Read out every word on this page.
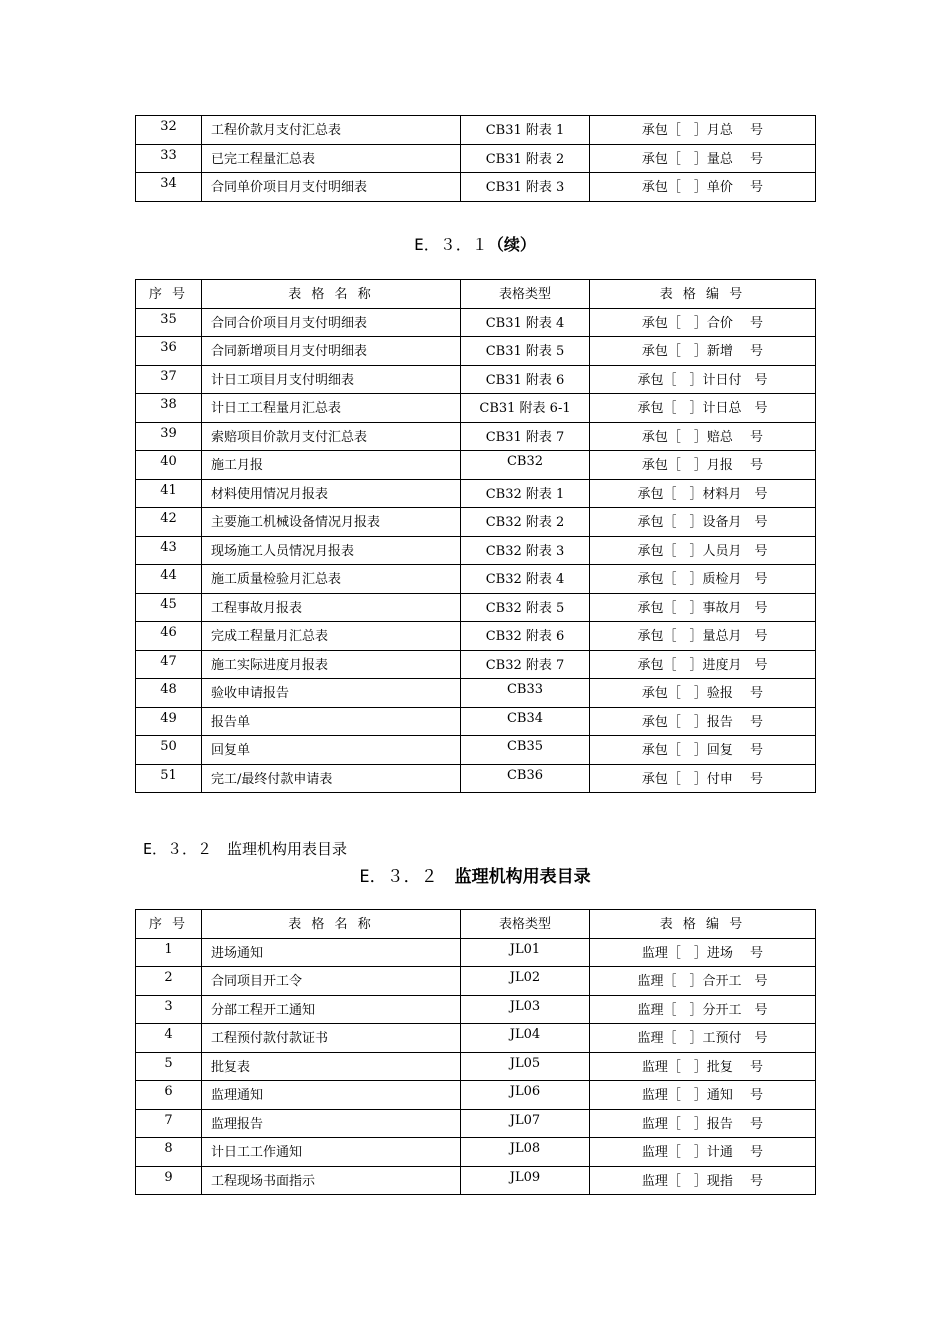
32	工程价款月支付汇总表	CB31 附表 1	承包［　］月总　 号
33	已完工程量汇总表	CB31 附表 2	承包［　］量总　 号
34	合同单价项目月支付明细表	CB31 附表 3	承包［　］单价　 号
E．３．１（续）
序 号	表 格 名 称	表格类型	表 格 编 号
35	合同合价项目月支付明细表	CB31 附表 4	承包［　］合价　 号
36	合同新增项目月支付明细表	CB31 附表 5	承包［　］新增　 号
37	计日工项目月支付明细表	CB31 附表 6	承包［　］计日付　号
38	计日工工程量月汇总表	CB31 附表 6-1	承包［　］计日总　号
39	索赔项目价款月支付汇总表	CB31 附表 7	承包［　］赔总　 号
40	施工月报	CB32	承包［　］月报　 号
41	材料使用情况月报表	CB32 附表 1	承包［　］材料月　号
42	主要施工机械设备情况月报表	CB32 附表 2	承包［　］设备月　号
43	现场施工人员情况月报表	CB32 附表 3	承包［　］人员月　号
44	施工质量检验月汇总表	CB32 附表 4	承包［　］质检月　号
45	工程事故月报表	CB32 附表 5	承包［　］事故月　号
46	完成工程量月汇总表	CB32 附表 6	承包［　］量总月　号
47	施工实际进度月报表	CB32 附表 7	承包［　］进度月　号
48	验收申请报告	CB33	承包［　］验报　 号
49	报告单	CB34	承包［　］报告　 号
50	回复单	CB35	承包［　］回复　 号
51	完工/最终付款申请表	CB36	承包［　］付申　 号
E．３．２　监理机构用表目录
E．３．２　监理机构用表目录
序 号	表 格 名 称	表格类型	表 格 编 号
1	进场通知	JL01	监理［　］进场　 号
2	合同项目开工令	JL02	监理［　］合开工　号
3	分部工程开工通知	JL03	监理［　］分开工　号
4	工程预付款付款证书	JL04	监理［　］工预付　号
5	批复表	JL05	监理［　］批复　 号
6	监理通知	JL06	监理［　］通知　 号
7	监理报告	JL07	监理［　］报告　 号
8	计日工工作通知	JL08	监理［　］计通　 号
9	工程现场书面指示	JL09	监理［　］现指　 号
